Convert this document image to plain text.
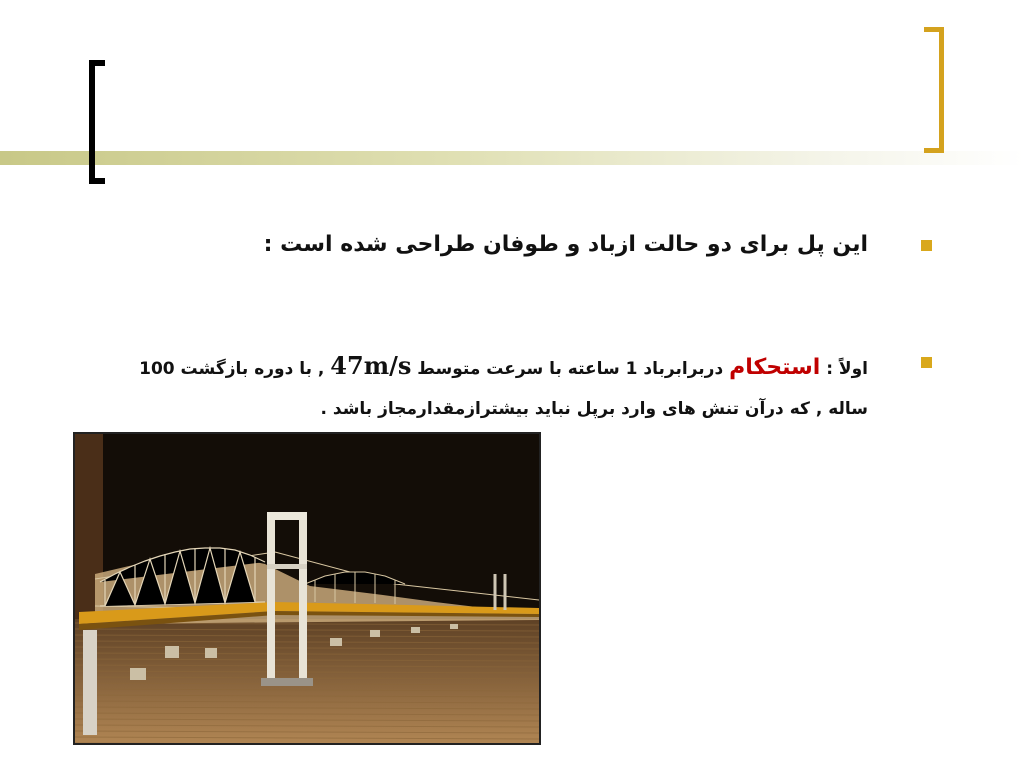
این پل برای دو حالت ازباد و طوفان طراحی شده است :
اولاً : استحکام دربرابرباد 1 ساعته با سرعت متوسط 47m/s , با دوره بازگشت 100 ساله , که درآن تنش های وارد برپل نباید بیشترازمقدارمجاز باشد .
